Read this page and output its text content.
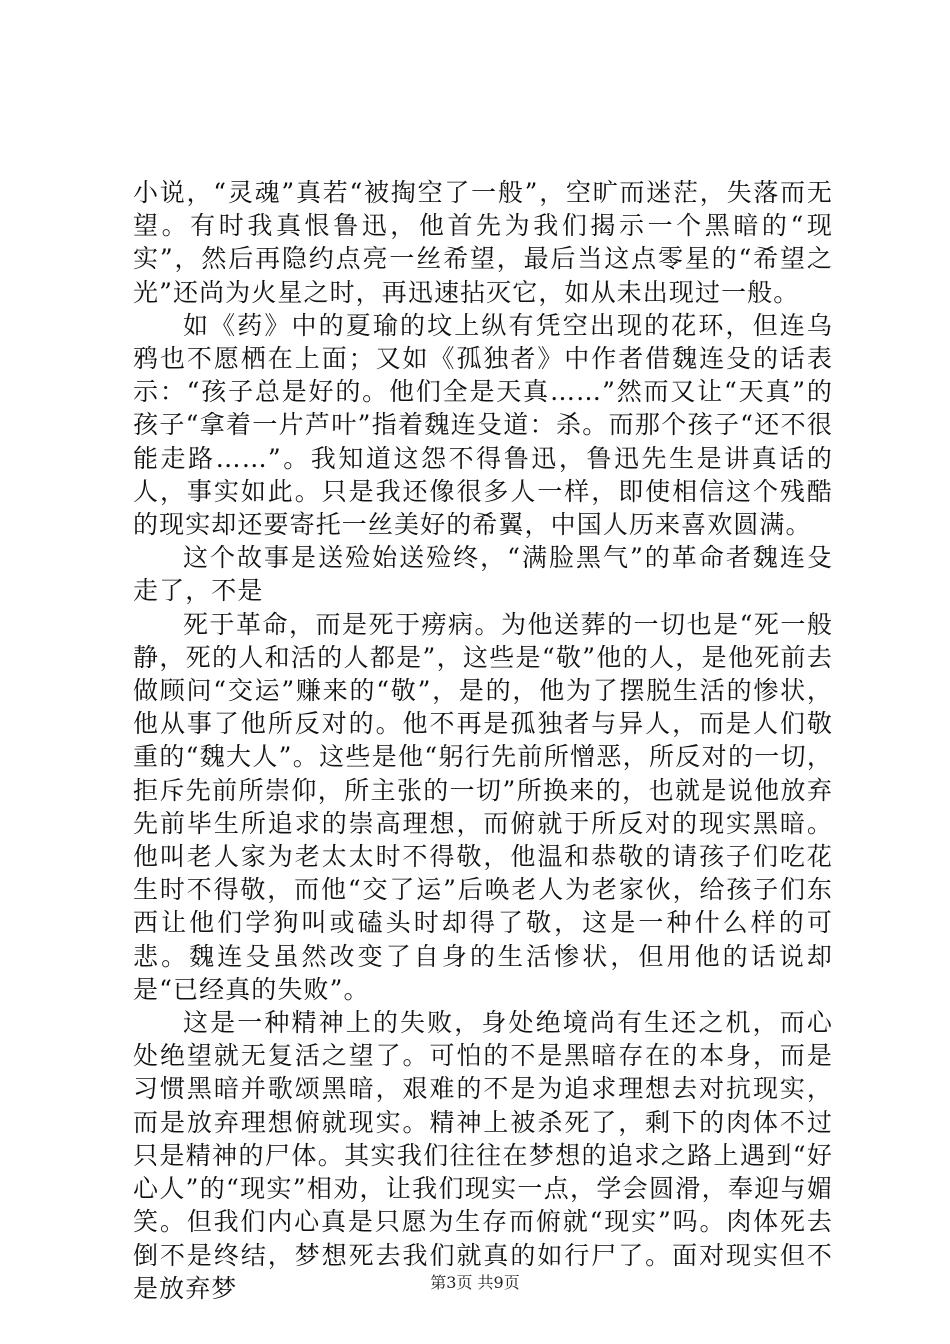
小说，“灵魂”真若“被掏空了一般”，空旷而迷茫，失落而无望。有时我真恨鲁迅，他首先为我们揭示一个黑暗的“现实”，然后再隐约点亮一丝希望，最后当这点零星的“希望之光”还尚为火星之时，再迅速拈灭它，如从未出现过一般。

如《药》中的夏瑜的坟上纵有凭空出现的花环，但连乌鸦也不愿栖在上面；又如《孤独者》中作者借魏连殳的话表示：“孩子总是好的。他们全是天真……”然而又让“天真”的孩子“拿着一片芦叶”指着魏连殳道：杀。而那个孩子“还不很能走路……”。我知道这怨不得鲁迅，鲁迅先生是讲真话的人，事实如此。只是我还像很多人一样，即使相信这个残酷的现实却还要寄托一丝美好的希翼，中国人历来喜欢圆满。

这个故事是送殓始送殓终，“满脸黑气”的革命者魏连殳走了，不是

死于革命，而是死于痨病。为他送葬的一切也是“死一般静，死的人和活的人都是”，这些是“敬”他的人，是他死前去做顾问“交运”赚来的“敬”，是的，他为了摆脱生活的惨状，他从事了他所反对的。他不再是孤独者与异人，而是人们敬重的“魏大人”。这些是他“躬行先前所憎恶，所反对的一切，拒斥先前所崇仰，所主张的一切”所换来的，也就是说他放弃先前毕生所追求的崇高理想，而俯就于所反对的现实黑暗。他叫老人家为老太太时不得敬，他温和恭敬的请孩子们吃花生时不得敬，而他“交了运”后唤老人为老家伙，给孩子们东西让他们学狗叫或磕头时却得了敬，这是一种什么样的可悲。魏连殳虽然改变了自身的生活惨状，但用他的话说却是“已经真的失败”。

这是一种精神上的失败，身处绝境尚有生还之机，而心处绝望就无复活之望了。可怕的不是黑暗存在的本身，而是习惯黑暗并歌颂黑暗，艰难的不是为追求理想去对抗现实，而是放弃理想俯就现实。精神上被杀死了，剩下的肉体不过只是精神的尸体。其实我们往往在梦想的追求之路上遇到“好心人”的“现实”相劝，让我们现实一点，学会圆滑，奉迎与媚笑。但我们内心真是只愿为生存而俯就“现实”吗。肉体死去倒不是终结，梦想死去我们就真的如行尸了。面对现实但不是放弃梦	第3页 共9页
